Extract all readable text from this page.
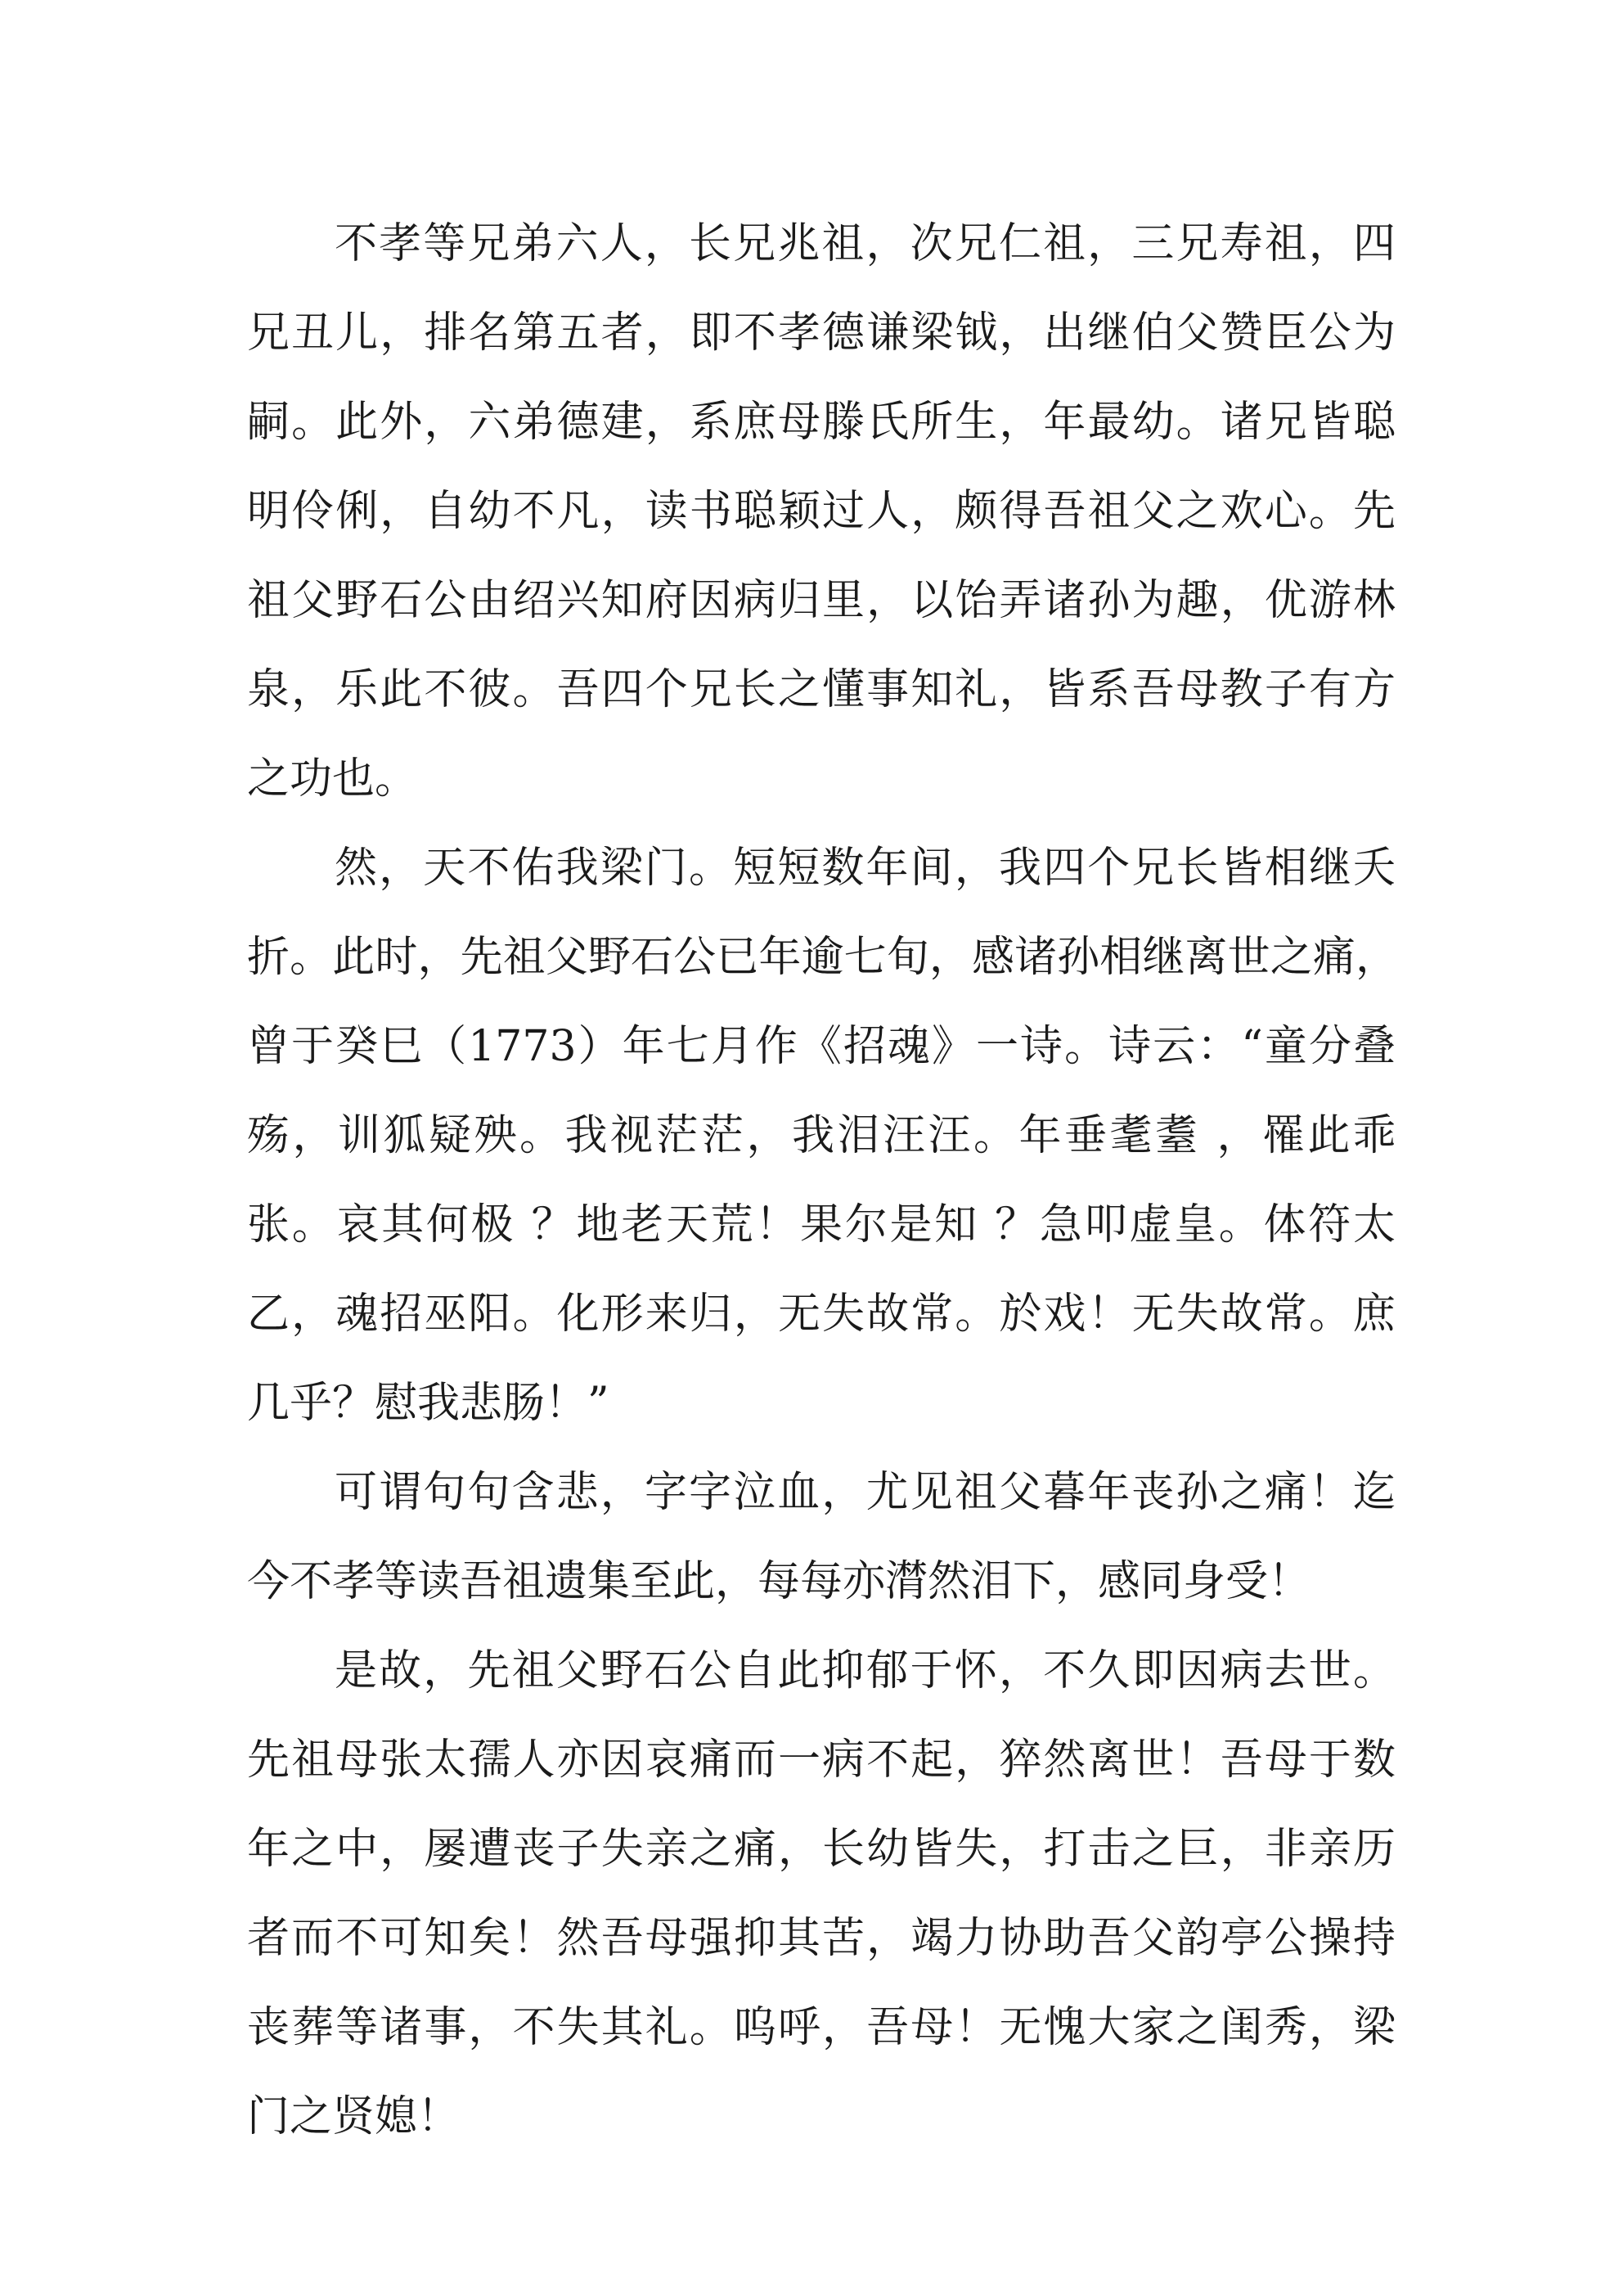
不孝等兄弟六人，长兄兆祖，次兄仁祖，三兄寿祖，四
兄丑儿，排名第五者，即不孝德谦梁钺，出继伯父赞臣公为
嗣。此外，六弟德建，系庶母滕氏所生，年最幼。诸兄皆聪
明伶俐，自幼不凡，读书聪颖过人，颇得吾祖父之欢心。先
祖父野石公由绍兴知府因病归里，以饴弄诸孙为趣，优游林
泉，乐此不彼。吾四个兄长之懂事知礼，皆系吾母教子有方
之功也。
然，天不佑我梁门。短短数年间，我四个兄长皆相继夭
折。此时，先祖父野石公已年逾七旬，感诸孙相继离世之痛，
曾于癸巳（1773）年七月作《招魂》一诗。诗云：“童分叠
殇，训狐疑殃。我视茫茫，我泪汪汪。年垂耄耋 ，罹此乖
张。哀其何极 ？地老天荒！果尔是知 ？急叩虚皇。体符太
乙，魂招巫阳。化形来归，无失故常。於戏！无失故常。庶
几乎？慰我悲肠！”
可谓句句含悲，字字泣血，尤见祖父暮年丧孙之痛！迄
今不孝等读吾祖遗集至此，每每亦潸然泪下，感同身受！
是故，先祖父野石公自此抑郁于怀，不久即因病去世。
先祖母张太孺人亦因哀痛而一病不起，猝然离世！吾母于数
年之中，屡遭丧子失亲之痛，长幼皆失，打击之巨，非亲历
者而不可知矣！然吾母强抑其苦，竭力协助吾父韵亭公操持
丧葬等诸事，不失其礼。呜呼，吾母！无愧大家之闺秀，梁
门之贤媳！
